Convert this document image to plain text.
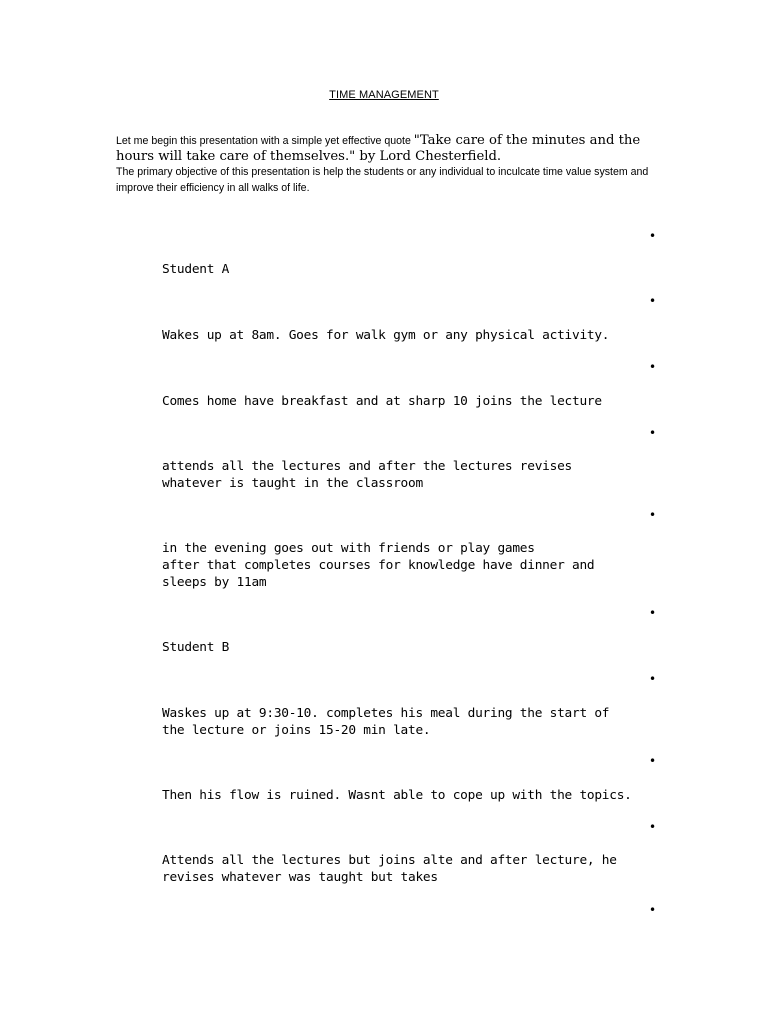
TIME MANAGEMENT
Let me begin this presentation with a simple yet effective quote "Take care of the minutes and the hours will take care of themselves." by Lord Chesterfield.
The primary objective of this presentation is help the students or any individual to inculcate time value system and improve their efficiency in all walks of life.
•
•
•
•
•
•
•
•
•
•
Student A
Wakes up at 8am. Goes for walk gym or any physical activity.
Comes home have breakfast and at sharp 10 joins the lecture
attends all the lectures and after the lectures revises
whatever is taught in the classroom
in the evening goes out with friends or play games
after that completes courses for knowledge have dinner and
sleeps by 11am
Student B
Waskes up at 9:30-10. completes his meal during the start of
the lecture or joins 15-20 min late.
Then his flow is ruined. Wasnt able to cope up with the topics.
Attends all the lectures but joins alte and after lecture, he
revises whatever was taught but takes
